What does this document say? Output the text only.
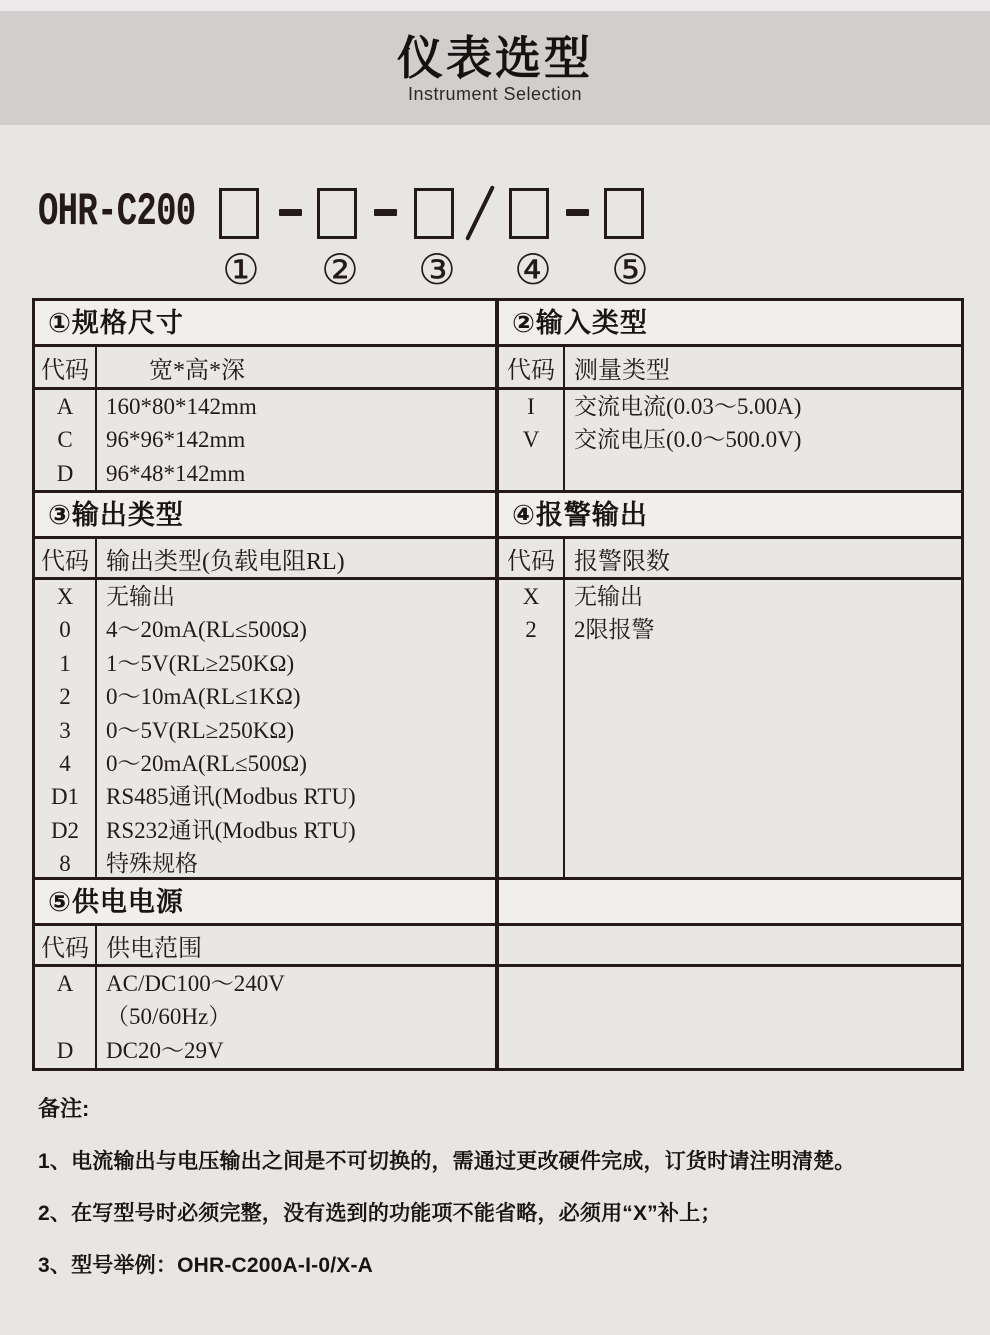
仪表选型

Instrument Selection

OHR-C200
① ② ③ ④ ⑤
①规格尺寸
代码	宽*高*深
A
C
D
160*80*142mm
96*96*142mm
96*48*142mm
③输出类型
代码 输出类型(负载电阻RL)
X
0
1
2
3
4
D1
D2
8
无输出
4～20mA(RL≤500Ω)
1～5V(RL≥250KΩ)
0～10mA(RL≤1KΩ)
0～5V(RL≥250KΩ)
0～20mA(RL≤500Ω)
RS485通讯(Modbus RTU)
RS232通讯(Modbus RTU)
特殊规格
⑤供电电源
代码 供电范围
A
D
AC/DC100～240V
（50/60Hz）
DC20～29V
②输入类型
代码 测量类型
I
V
交流电流(0.03～5.00A)
交流电压(0.0～500.0V)
④报警输出
代码 报警限数
X
2
无输出
2限报警
备注:
1、电流输出与电压输出之间是不可切换的，需通过更改硬件完成，订货时请注明清楚。
2、在写型号时必须完整，没有选到的功能项不能省略，必须用“X”补上；
3、型号举例：OHR-C200A-I-0/X-A
